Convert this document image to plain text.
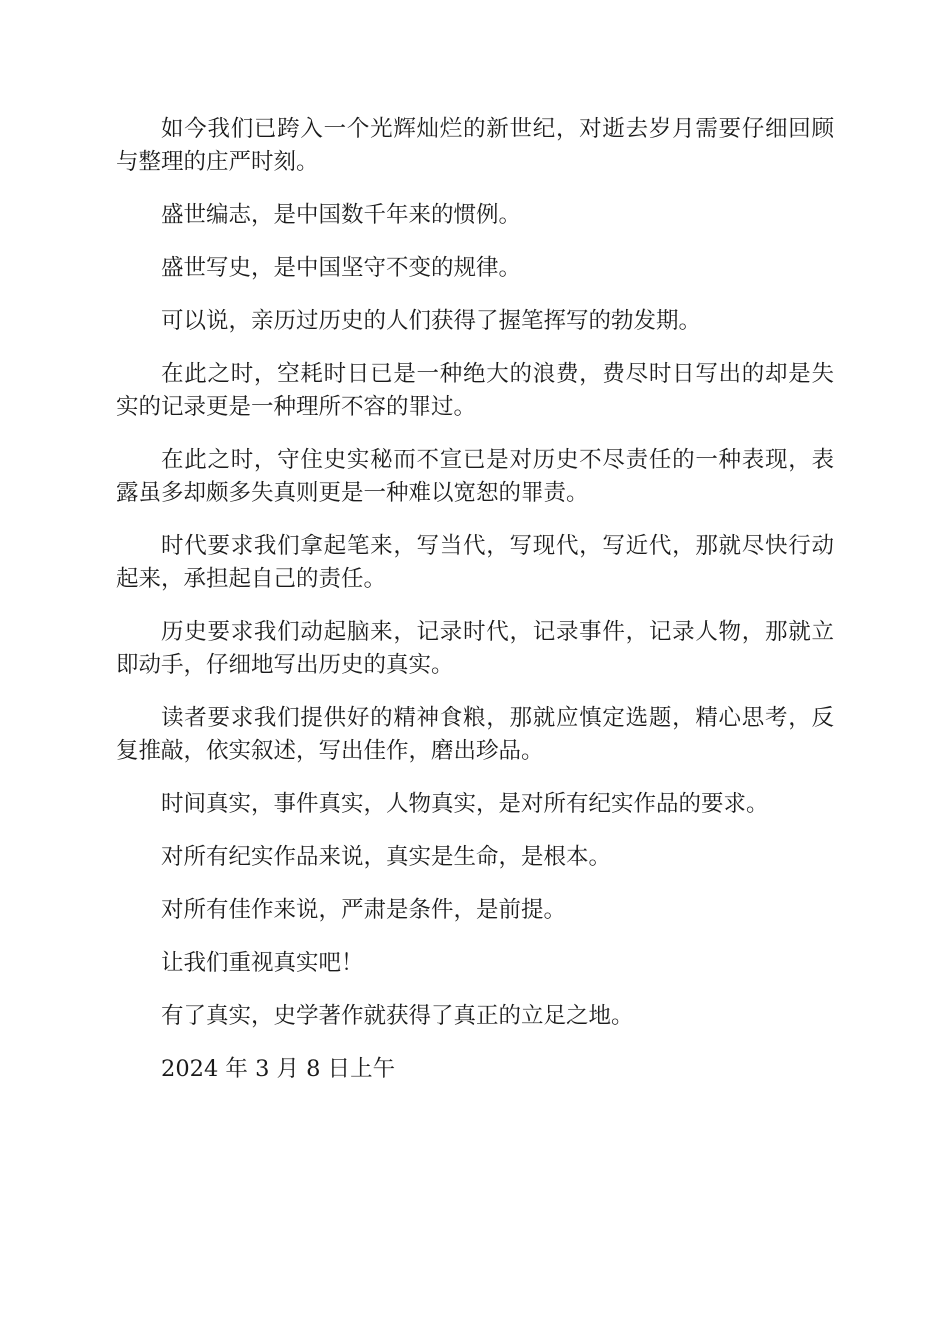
如今我们已跨入一个光辉灿烂的新世纪，对逝去岁月需要仔细回顾与整理的庄严时刻。

盛世编志，是中国数千年来的惯例。

盛世写史，是中国坚守不变的规律。

可以说，亲历过历史的人们获得了握笔挥写的勃发期。

在此之时，空耗时日已是一种绝大的浪费，费尽时日写出的却是失实的记录更是一种理所不容的罪过。

在此之时，守住史实秘而不宣已是对历史不尽责任的一种表现，表露虽多却颇多失真则更是一种难以宽恕的罪责。

时代要求我们拿起笔来，写当代，写现代，写近代，那就尽快行动起来，承担起自己的责任。

历史要求我们动起脑来，记录时代，记录事件，记录人物，那就立即动手，仔细地写出历史的真实。

读者要求我们提供好的精神食粮，那就应慎定选题，精心思考，反复推敲，依实叙述，写出佳作，磨出珍品。

时间真实，事件真实，人物真实，是对所有纪实作品的要求。

对所有纪实作品来说，真实是生命，是根本。

对所有佳作来说，严肃是条件，是前提。

让我们重视真实吧！

有了真实，史学著作就获得了真正的立足之地。

2024 年 3 月 8 日上午
